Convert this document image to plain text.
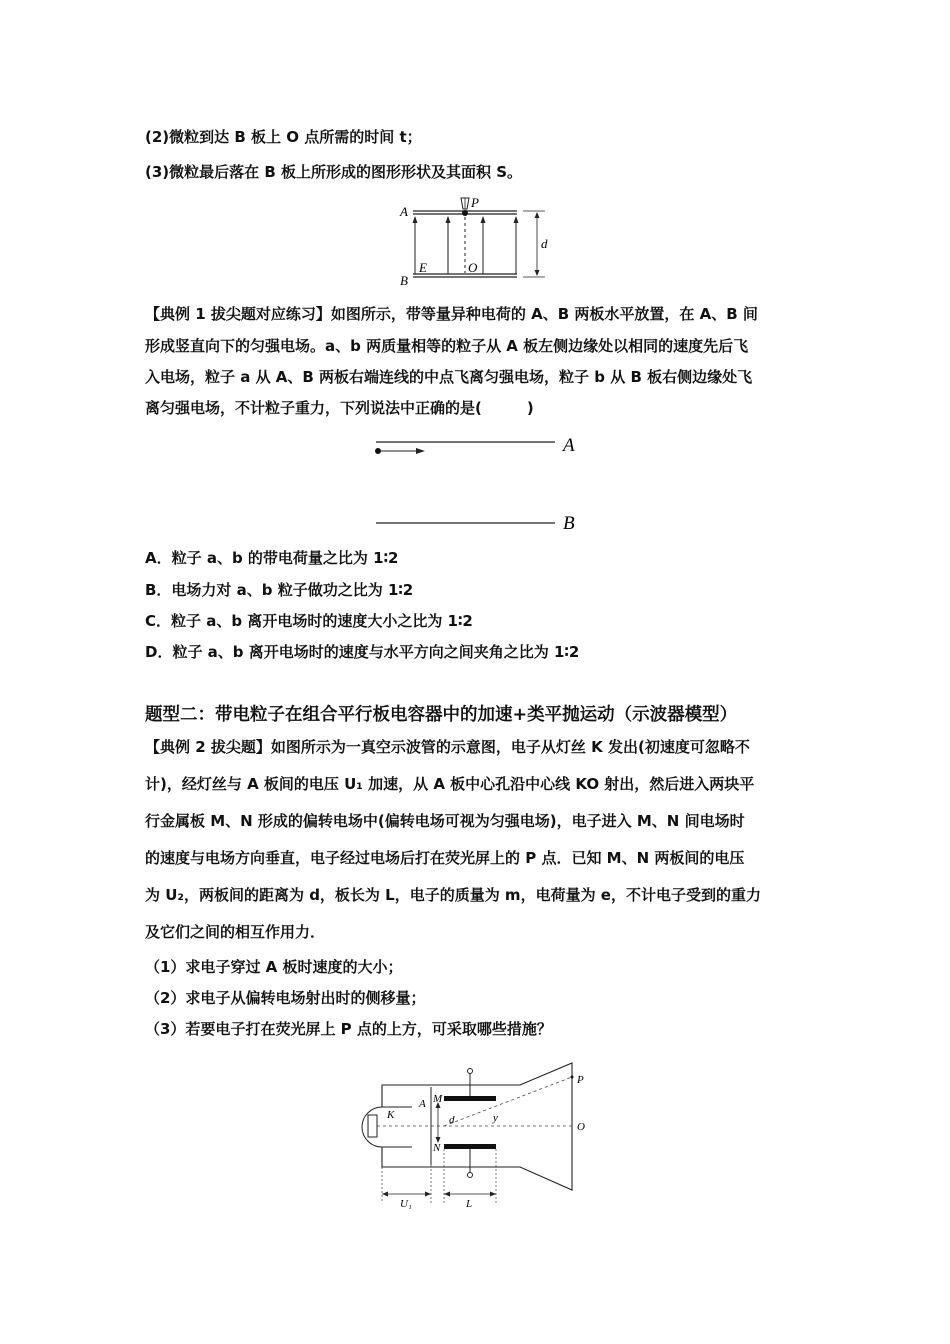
(2)微粒到达 B 板上 O 点所需的时间 t；
(3)微粒最后落在 B 板上所形成的图形形状及其面积 S。
A
P
d
B
E	O
【典例 1 拔尖题对应练习】如图所示，带等量异种电荷的 A、B 两板水平放置，在 A、B 间
形成竖直向下的匀强电场。a、b 两质量相等的粒子从 A 板左侧边缘处以相同的速度先后飞
入电场，粒子 a 从 A、B 两板右端连线的中点飞离匀强电场，粒子 b 从 B 板右侧边缘处飞
离匀强电场，不计粒子重力，下列说法中正确的是(　　　)
A
B
A．粒子 a、b 的带电荷量之比为 1∶2
B．电场力对 a、b 粒子做功之比为 1∶2
C．粒子 a、b 离开电场时的速度大小之比为 1∶2
D．粒子 a、b 离开电场时的速度与水平方向之间夹角之比为 1∶2
题型二：带电粒子在组合平行板电容器中的加速+类平抛运动（示波器模型）
【典例 2 拔尖题】如图所示为一真空示波管的示意图，电子从灯丝 K 发出(初速度可忽略不
计)，经灯丝与 A 板间的电压 U₁ 加速，从 A 板中心孔沿中心线 KO 射出，然后进入两块平
行金属板 M、N 形成的偏转电场中(偏转电场可视为匀强电场)，电子进入 M、N 间电场时
的速度与电场方向垂直，电子经过电场后打在荧光屏上的 P 点．已知 M、N 两板间的电压
为 U₂，两板间的距离为 d，板长为 L，电子的质量为 m，电荷量为 e，不计电子受到的重力
及它们之间的相互作用力．
（1）求电子穿过 A 板时速度的大小；
（2）求电子从偏转电场射出时的侧移量；
（3）若要电子打在荧光屏上 P 点的上方，可采取哪些措施？
K
A M
d	y
N
P
O
U₁	L
